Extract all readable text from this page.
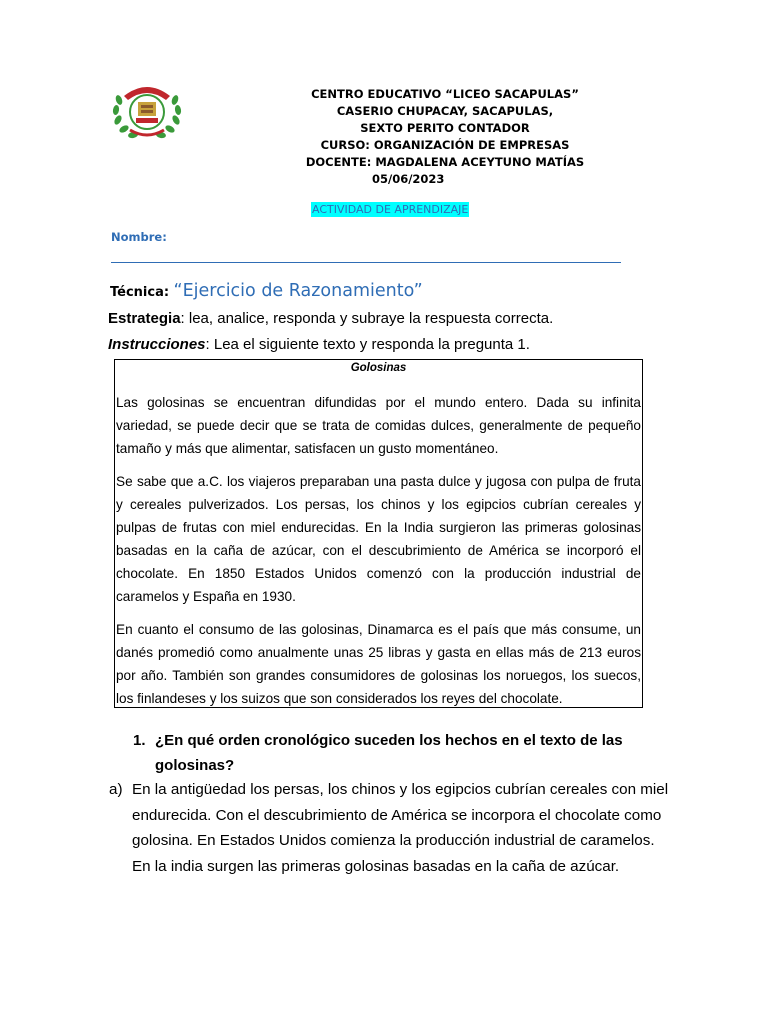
CENTRO EDUCATIVO “LICEO SACAPULAS”
CASERIO CHUPACAY, SACAPULAS,
SEXTO PERITO CONTADOR
CURSO: ORGANIZACIÓN DE EMPRESAS
DOCENTE: MAGDALENA ACEYTUNO MATÍAS
05/06/2023
ACTIVIDAD DE APRENDIZAJE
Nombre:
Técnica: “Ejercicio de Razonamiento”
Estrategia: lea, analice, responda y subraye la respuesta correcta.
Instrucciones: Lea el siguiente texto y responda la pregunta 1.
Golosinas

Las golosinas se encuentran difundidas por el mundo entero. Dada su infinita variedad, se puede decir que se trata de comidas dulces, generalmente de pequeño tamaño y más que alimentar, satisfacen un gusto momentáneo.

Se sabe que a.C. los viajeros preparaban una pasta dulce y jugosa con pulpa de fruta y cereales pulverizados. Los persas, los chinos y los egipcios cubrían cereales y pulpas de frutas con miel endurecidas. En la India surgieron las primeras golosinas basadas en la caña de azúcar, con el descubrimiento de América se incorporó el chocolate. En 1850 Estados Unidos comenzó con la producción industrial de caramelos y España en 1930.

En cuanto el consumo de las golosinas, Dinamarca es el país que más consume, un danés promedió como anualmente unas 25 libras y gasta en ellas más de 213 euros por año. También son grandes consumidores de golosinas los noruegos, los suecos, los finlandeses y los suizos que son considerados los reyes del chocolate.

1. ¿En qué orden cronológico suceden los hechos en el texto de las
golosinas?
a) En la antigüedad los persas, los chinos y los egipcios cubrían cereales con miel endurecida. Con el descubrimiento de América se incorpora el chocolate como golosina. En Estados Unidos comienza la producción industrial de caramelos. En la india surgen las primeras golosinas basadas en la caña de azúcar.
